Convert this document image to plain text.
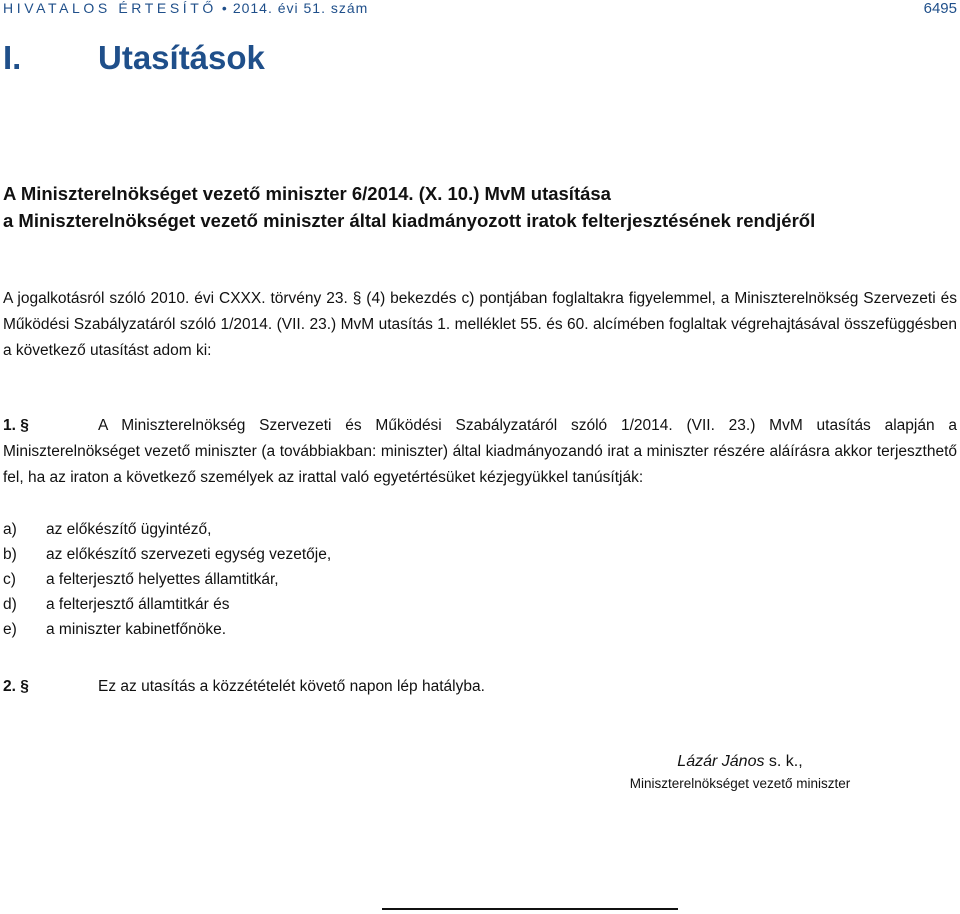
HIVATALOS ÉRTESÍTŐ • 2014. évi 51. szám	6495
I. Utasítások
A Miniszterelnökséget vezető miniszter 6/2014. (X. 10.) MvM utasítása
a Miniszterelnökséget vezető miniszter által kiadmányozott iratok felterjesztésének rendjéről
A jogalkotásról szóló 2010. évi CXXX. törvény 23. § (4) bekezdés c) pontjában foglaltakra figyelemmel, a Miniszterelnökség Szervezeti és Működési Szabályzatáról szóló 1/2014. (VII. 23.) MvM utasítás 1. melléklet 55. és 60. alcímében foglaltak végrehajtásával összefüggésben a következő utasítást adom ki:
1. §	A Miniszterelnökség Szervezeti és Működési Szabályzatáról szóló 1/2014. (VII. 23.) MvM utasítás alapján a Miniszterelnökséget vezető miniszter (a továbbiakban: miniszter) által kiadmányozandó irat a miniszter részére aláírásra akkor terjeszthető fel, ha az iraton a következő személyek az irattal való egyetértésüket kézjegyükkel tanúsítják:
a) az előkészítő ügyintéző,
b) az előkészítő szervezeti egység vezetője,
c) a felterjesztő helyettes államtitkár,
d) a felterjesztő államtitkár és
e) a miniszter kabinetfőnöke.
2. §	Ez az utasítás a közzétételét követő napon lép hatályba.
Lázár János s. k.,
Miniszterelnökséget vezető miniszter
